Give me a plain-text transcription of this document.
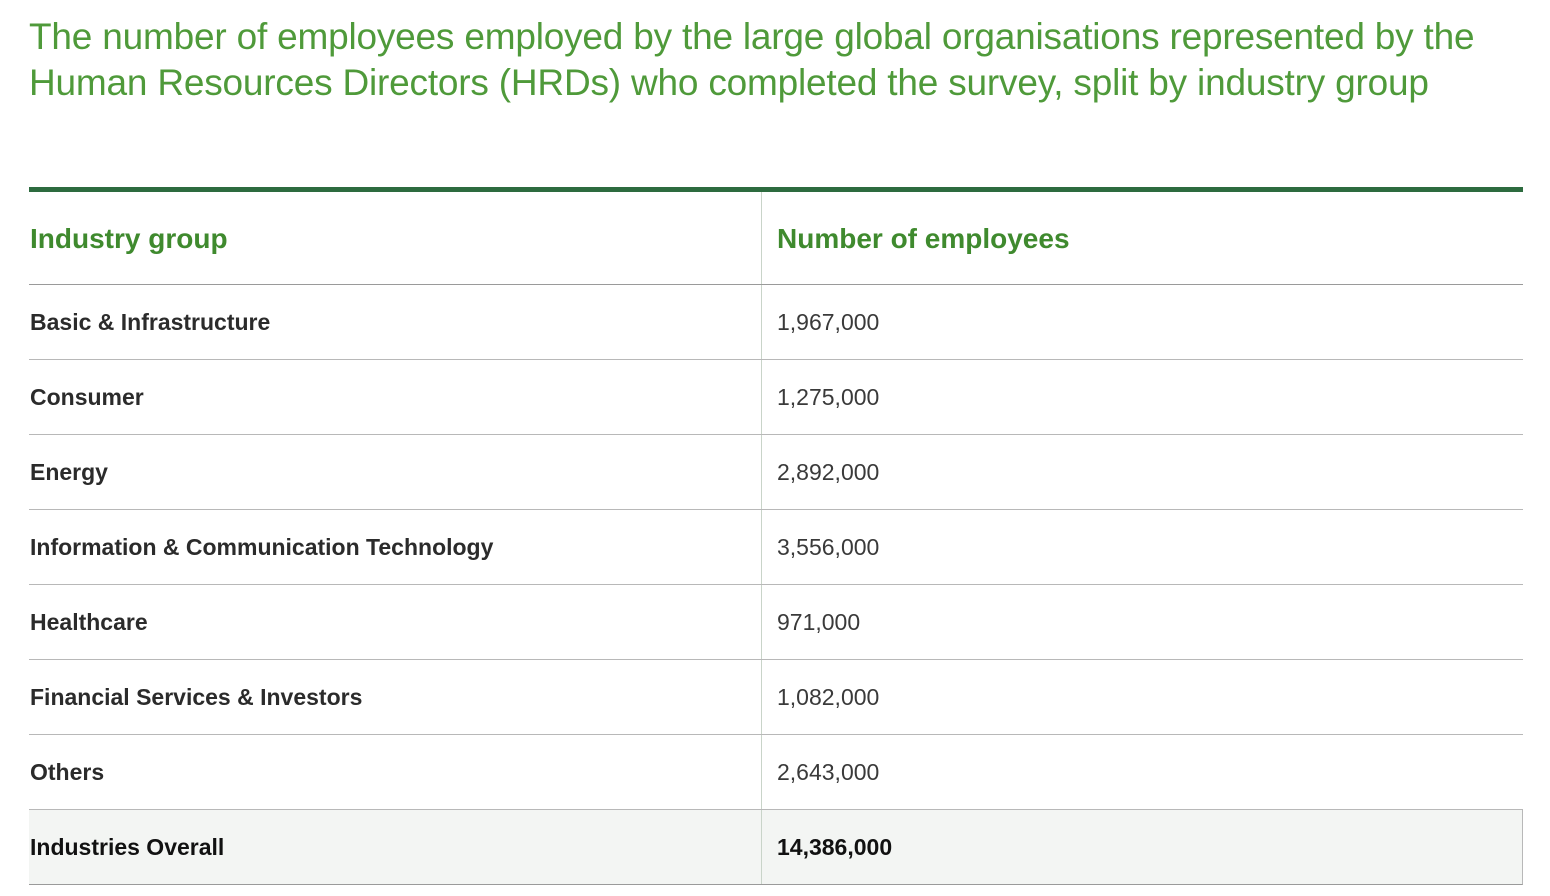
The number of employees employed by the large global organisations represented by the Human Resources Directors (HRDs) who completed the survey, split by industry group
Industry group	Number of employees
Basic & Infrastructure	1,967,000
Consumer	1,275,000
Energy	2,892,000
Information & Communication Technology	3,556,000
Healthcare	971,000
Financial Services & Investors	1,082,000
Others	2,643,000
Industries Overall	14,386,000
